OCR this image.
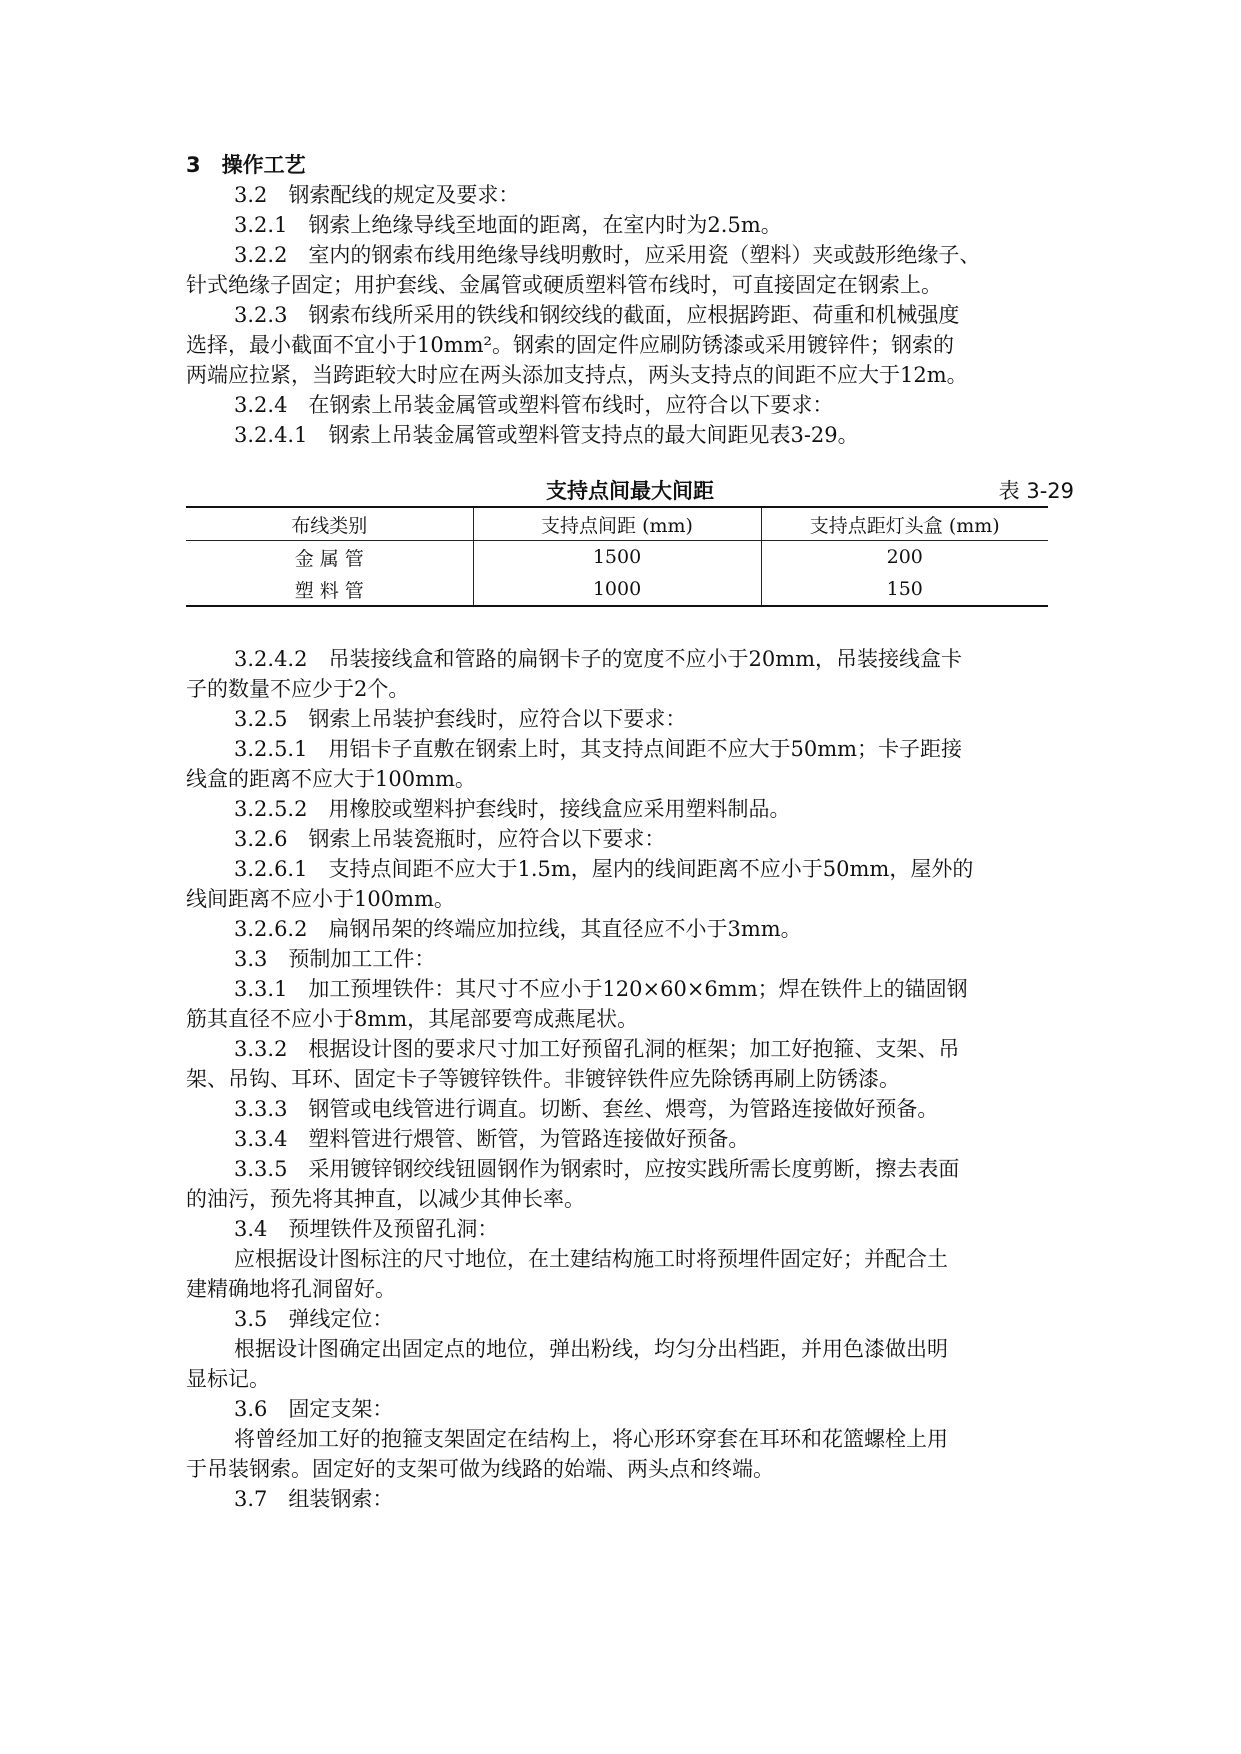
3　操作工艺
3.2　钢索配线的规定及要求：
3.2.1　钢索上绝缘导线至地面的距离，在室内时为2.5m。
3.2.2　室内的钢索布线用绝缘导线明敷时，应采用瓷（塑料）夹或鼓形绝缘子、
针式绝缘子固定；用护套线、金属管或硬质塑料管布线时，可直接固定在钢索上。
3.2.3　钢索布线所采用的铁线和钢绞线的截面，应根据跨距、荷重和机械强度
选择，最小截面不宜小于10mm²。钢索的固定件应刷防锈漆或采用镀锌件；钢索的
两端应拉紧，当跨距较大时应在两头添加支持点，两头支持点的间距不应大于12m。
3.2.4　在钢索上吊装金属管或塑料管布线时，应符合以下要求：
3.2.4.1　钢索上吊装金属管或塑料管支持点的最大间距见表3-29。
支持点间最大间距	表 3-29
布线类别	支持点间距 (mm)	支持点距灯头盒 (mm)
金 属 管	1500	200
塑 料 管	1000	150
3.2.4.2　吊装接线盒和管路的扁钢卡子的宽度不应小于20mm，吊装接线盒卡
子的数量不应少于2个。
3.2.5　钢索上吊装护套线时，应符合以下要求：
3.2.5.1　用铝卡子直敷在钢索上时，其支持点间距不应大于50mm；卡子距接
线盒的距离不应大于100mm。
3.2.5.2　用橡胶或塑料护套线时，接线盒应采用塑料制品。
3.2.6　钢索上吊装瓷瓶时，应符合以下要求：
3.2.6.1　支持点间距不应大于1.5m，屋内的线间距离不应小于50mm，屋外的
线间距离不应小于100mm。
3.2.6.2　扁钢吊架的终端应加拉线，其直径应不小于3mm。
3.3　预制加工工件：
3.3.1　加工预埋铁件：其尺寸不应小于120×60×6mm；焊在铁件上的锚固钢
筋其直径不应小于8mm，其尾部要弯成燕尾状。
3.3.2　根据设计图的要求尺寸加工好预留孔洞的框架；加工好抱箍、支架、吊
架、吊钩、耳环、固定卡子等镀锌铁件。非镀锌铁件应先除锈再刷上防锈漆。
3.3.3　钢管或电线管进行调直。切断、套丝、煨弯，为管路连接做好预备。
3.3.4　塑料管进行煨管、断管，为管路连接做好预备。
3.3.5　采用镀锌钢绞线钮圆钢作为钢索时，应按实践所需长度剪断，擦去表面
的油污，预先将其抻直，以减少其伸长率。
3.4　预埋铁件及预留孔洞：
应根据设计图标注的尺寸地位，在土建结构施工时将预埋件固定好；并配合土
建精确地将孔洞留好。
3.5　弹线定位：
根据设计图确定出固定点的地位，弹出粉线，均匀分出档距，并用色漆做出明
显标记。
3.6　固定支架：
将曾经加工好的抱箍支架固定在结构上，将心形环穿套在耳环和花篮螺栓上用
于吊装钢索。固定好的支架可做为线路的始端、两头点和终端。
3.7　组装钢索：
